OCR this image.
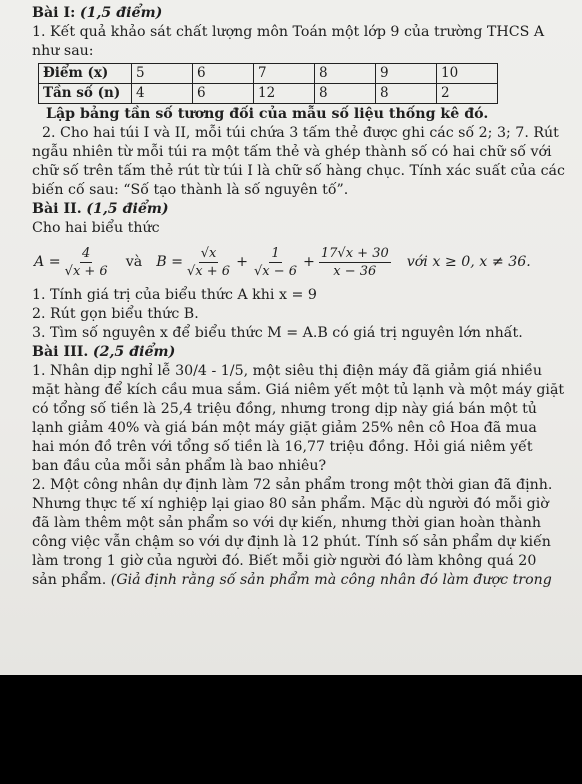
Bài I: (1,5 điểm)
1. Kết quả khảo sát chất lượng môn Toán một lớp 9 của trường THCS A
như sau:
Điểm (x)	5	6	7	8	9	10
Tần số (n)	4	6	12	8	8	2
Lập bảng tần số tương đối của mẫu số liệu thống kê đó.
2. Cho hai túi I và II, mỗi túi chứa 3 tấm thẻ được ghi các số 2; 3; 7. Rút
ngẫu nhiên từ mỗi túi ra một tấm thẻ và ghép thành số có hai chữ số với
chữ số trên tấm thẻ rút từ túi I là chữ số hàng chục. Tính xác suất của các
biến cố sau: “Số tạo thành là số nguyên tố”.
Bài II. (1,5 điểm)
Cho hai biểu thức
$A = \frac{4}{√x + 6}$ và $B = \frac{√x}{√x + 6} + \frac{1}{√x - 6} + \frac{17√x + 30}{x - 36}$ với x ≥ 0, x ≠ 36.
1. Tính giá trị của biểu thức A khi x = 9
2. Rút gọn biểu thức B.
3. Tìm số nguyên x để biểu thức M = A.B có giá trị nguyên lớn nhất.
Bài III. (2,5 điểm)
1. Nhân dịp nghỉ lễ 30/4 - 1/5, một siêu thị điện máy đã giảm giá nhiều
mặt hàng để kích cầu mua sắm. Giá niêm yết một tủ lạnh và một máy giặt
có tổng số tiền là 25,4 triệu đồng, nhưng trong dịp này giá bán một tủ
lạnh giảm 40% và giá bán một máy giặt giảm 25% nên cô Hoa đã mua
hai món đồ trên với tổng số tiền là 16,77 triệu đồng. Hỏi giá niêm yết
ban đầu của mỗi sản phẩm là bao nhiêu?
2. Một công nhân dự định làm 72 sản phẩm trong một thời gian đã định.
Nhưng thực tế xí nghiệp lại giao 80 sản phẩm. Mặc dù người đó mỗi giờ
đã làm thêm một sản phẩm so với dự kiến, nhưng thời gian hoàn thành
công việc vẫn chậm so với dự định là 12 phút. Tính số sản phẩm dự kiến
làm trong 1 giờ của người đó. Biết mỗi giờ người đó làm không quá 20
sản phẩm. (Giả định rằng số sản phẩm mà công nhân đó làm được trong
